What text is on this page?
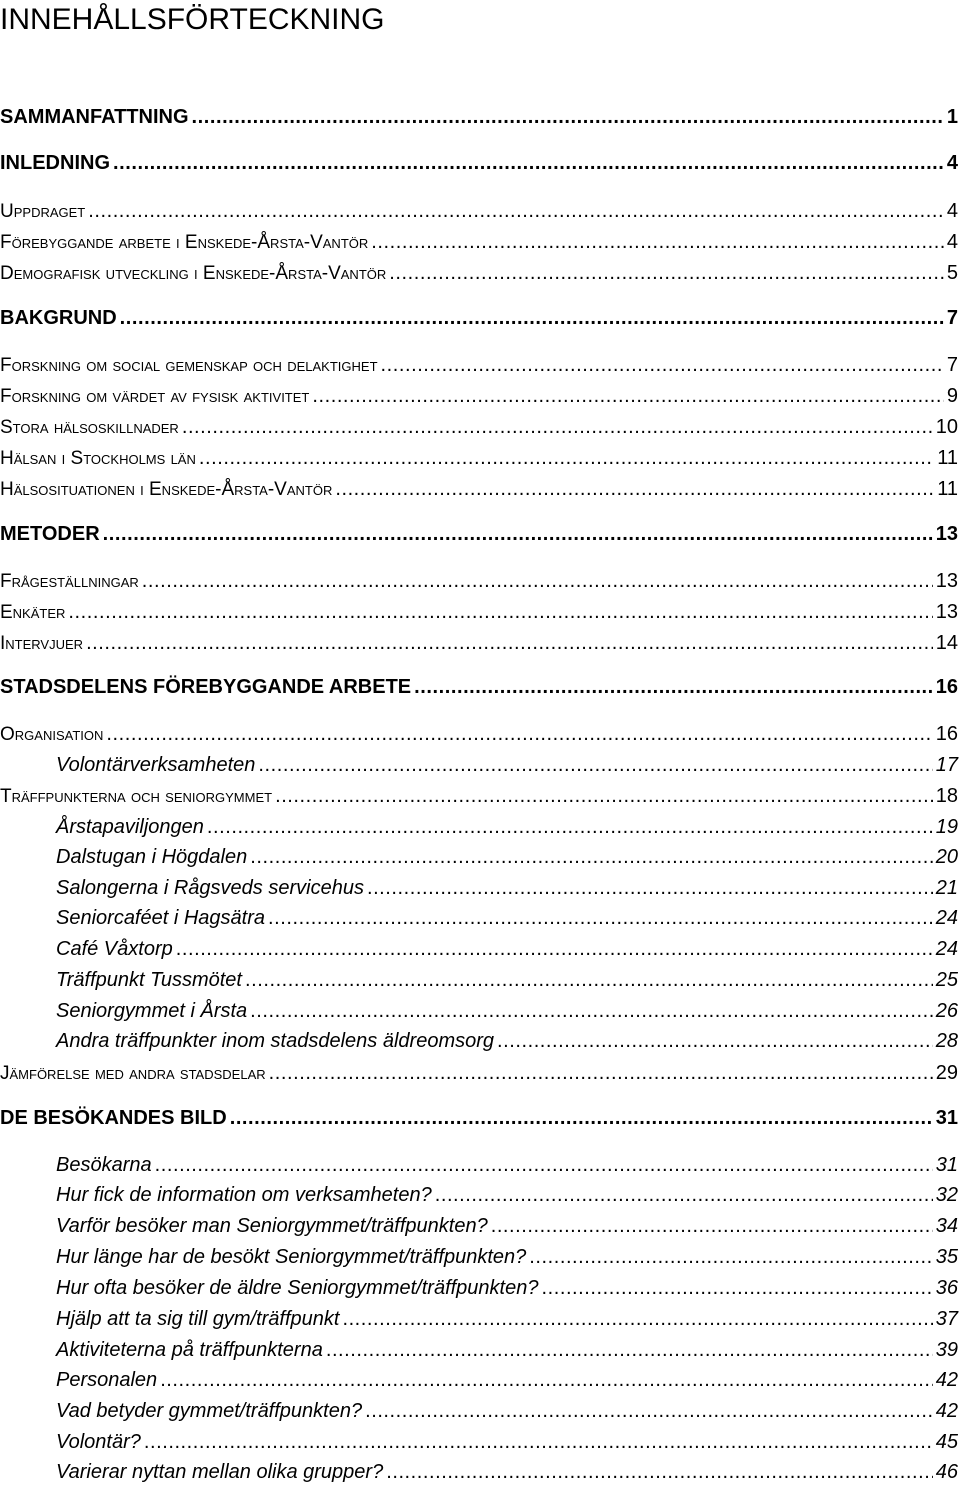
INNEHÅLLSFÖRTECKNING
SAMMANFATTNING . . .	1
INLEDNING . . .	4
Uppdraget . . .	4
Förebyggande arbete i Enskede-Årsta-Vantör . . .	4
Demografisk utveckling i Enskede-Årsta-Vantör . . .	5
BAKGRUND . . .	7
Forskning om social gemenskap och delaktighet . . .	7
Forskning om värdet av fysisk aktivitet . . .	9
Stora hälsoskillnader . . .	10
Hälsan i Stockholms län . . .	11
Hälsosituationen i Enskede-Årsta-Vantör . . .	11
METODER . . .	13
Frågeställningar . . .	13
Enkäter . . .	13
Intervjuer . . .	14
STADSDELENS FÖREBYGGANDE ARBETE . . .	16
Organisation . . .	16
Volontärverksamheten . . .	17
Träffpunkterna och seniorgymmet . . .	18
Årstapaviljongen . . .	19
Dalstugan i Högdalen . . .	20
Salongerna i Rågsveds servicehus . . .	21
Seniorcaféet i Hagsätra . . .	24
Café Våxtorp . . .	24
Träffpunkt Tussmötet . . .	25
Seniorgymmet i Årsta . . .	26
Andra träffpunkter inom stadsdelens äldreomsorg . . .	28
Jämförelse med andra stadsdelar . . .	29
DE BESÖKANDES BILD . . .	31
Besökarna . . .	31
Hur fick de information om verksamheten? . . .	32
Varför besöker man Seniorgymmet/träffpunkten? . . .	34
Hur länge har de besökt Seniorgymmet/träffpunkten? . . .	35
Hur ofta besöker de äldre Seniorgymmet/träffpunkten? . . .	36
Hjälp att ta sig till gym/träffpunkt . . .	37
Aktiviteterna på träffpunkterna . . .	39
Personalen . . .	42
Vad betyder gymmet/träffpunkten? . . .	42
Volontär? . . .	45
Varierar nyttan mellan olika grupper? . . .	46
